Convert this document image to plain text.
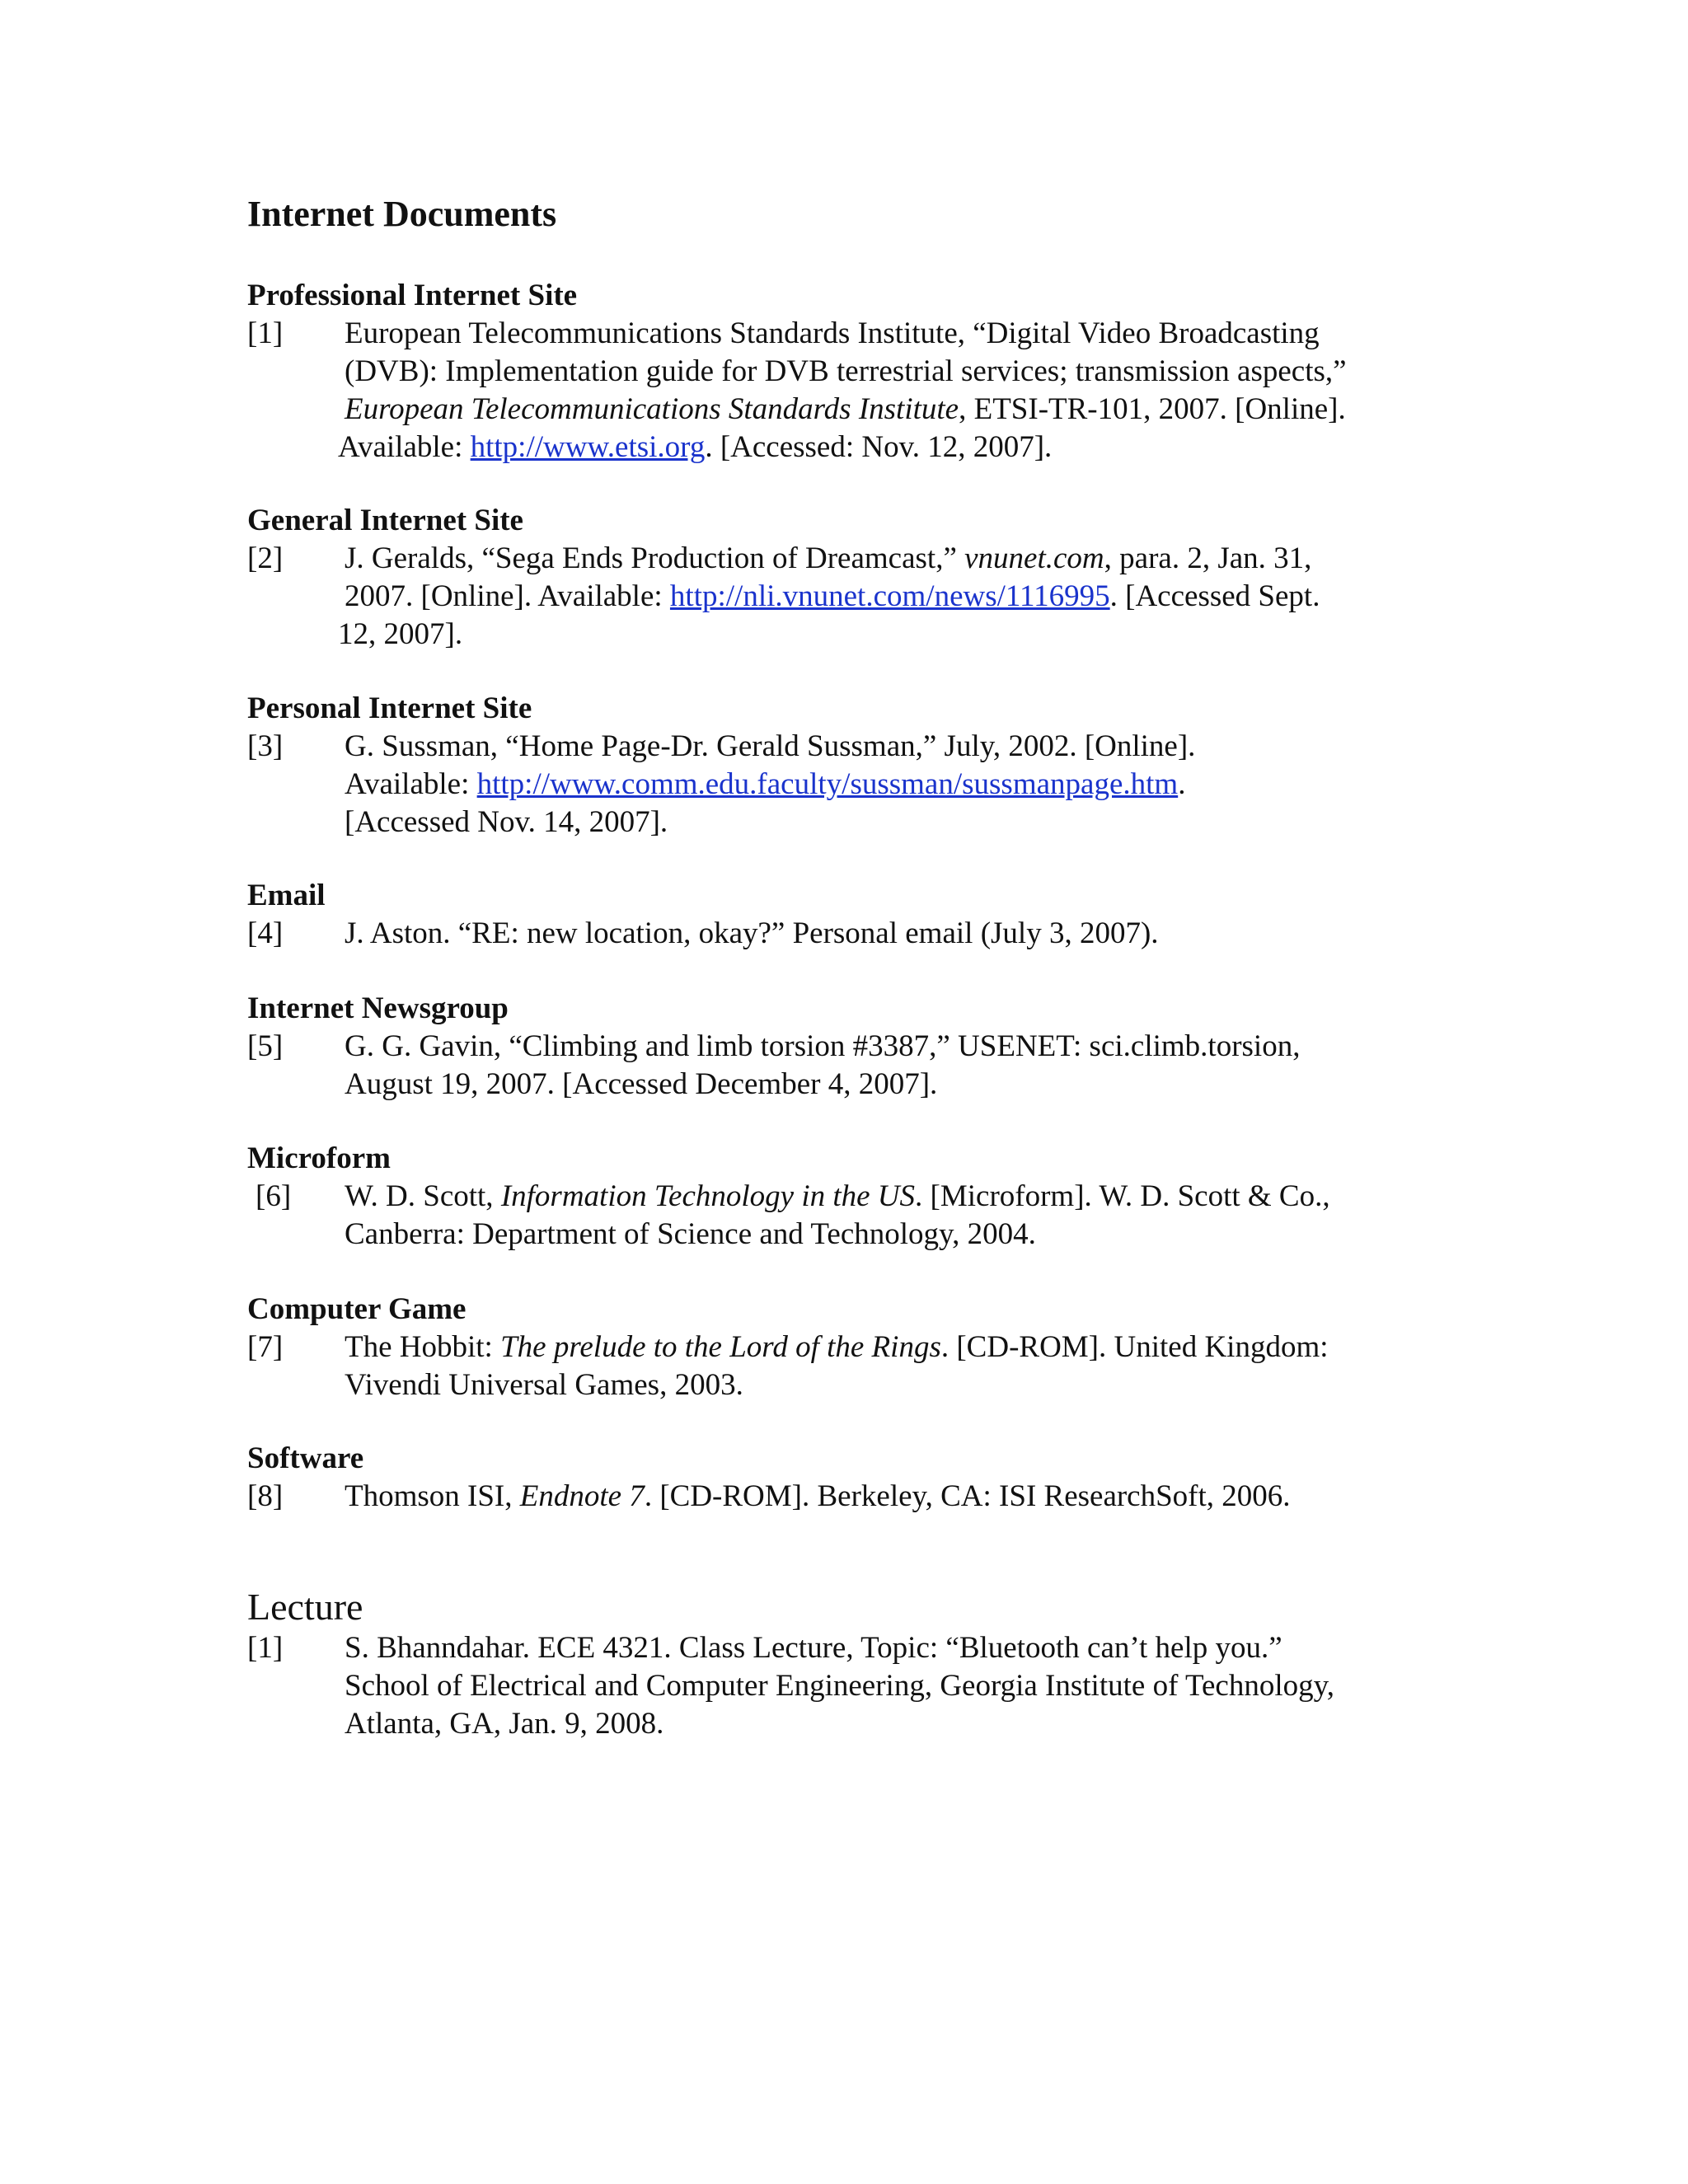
Internet Documents
Professional Internet Site
[1] European Telecommunications Standards Institute, “Digital Video Broadcasting
(DVB): Implementation guide for DVB terrestrial services; transmission aspects,”
European Telecommunications Standards Institute, ETSI-TR-101, 2007. [Online].
Available: http://www.etsi.org. [Accessed: Nov. 12, 2007].
General Internet Site
[2] J. Geralds, “Sega Ends Production of Dreamcast,” vnunet.com, para. 2, Jan. 31,
2007. [Online]. Available: http://nli.vnunet.com/news/1116995. [Accessed Sept.
12, 2007].
Personal Internet Site
[3] G. Sussman, “Home Page-Dr. Gerald Sussman,” July, 2002. [Online].
Available: http://www.comm.edu.faculty/sussman/sussmanpage.htm.
[Accessed Nov. 14, 2007].
Email
[4] J. Aston. “RE: new location, okay?” Personal email (July 3, 2007).
Internet Newsgroup
[5] G. G. Gavin, “Climbing and limb torsion #3387,” USENET: sci.climb.torsion,
August 19, 2007. [Accessed December 4, 2007].
Microform
[6] W. D. Scott, Information Technology in the US. [Microform]. W. D. Scott & Co.,
Canberra: Department of Science and Technology, 2004.
Computer Game
[7] The Hobbit: The prelude to the Lord of the Rings. [CD-ROM]. United Kingdom:
Vivendi Universal Games, 2003.
Software
[8] Thomson ISI, Endnote 7. [CD-ROM]. Berkeley, CA: ISI ResearchSoft, 2006.
Lecture
[1] S. Bhanndahar. ECE 4321. Class Lecture, Topic: “Bluetooth can’t help you.”
School of Electrical and Computer Engineering, Georgia Institute of Technology,
Atlanta, GA, Jan. 9, 2008.
